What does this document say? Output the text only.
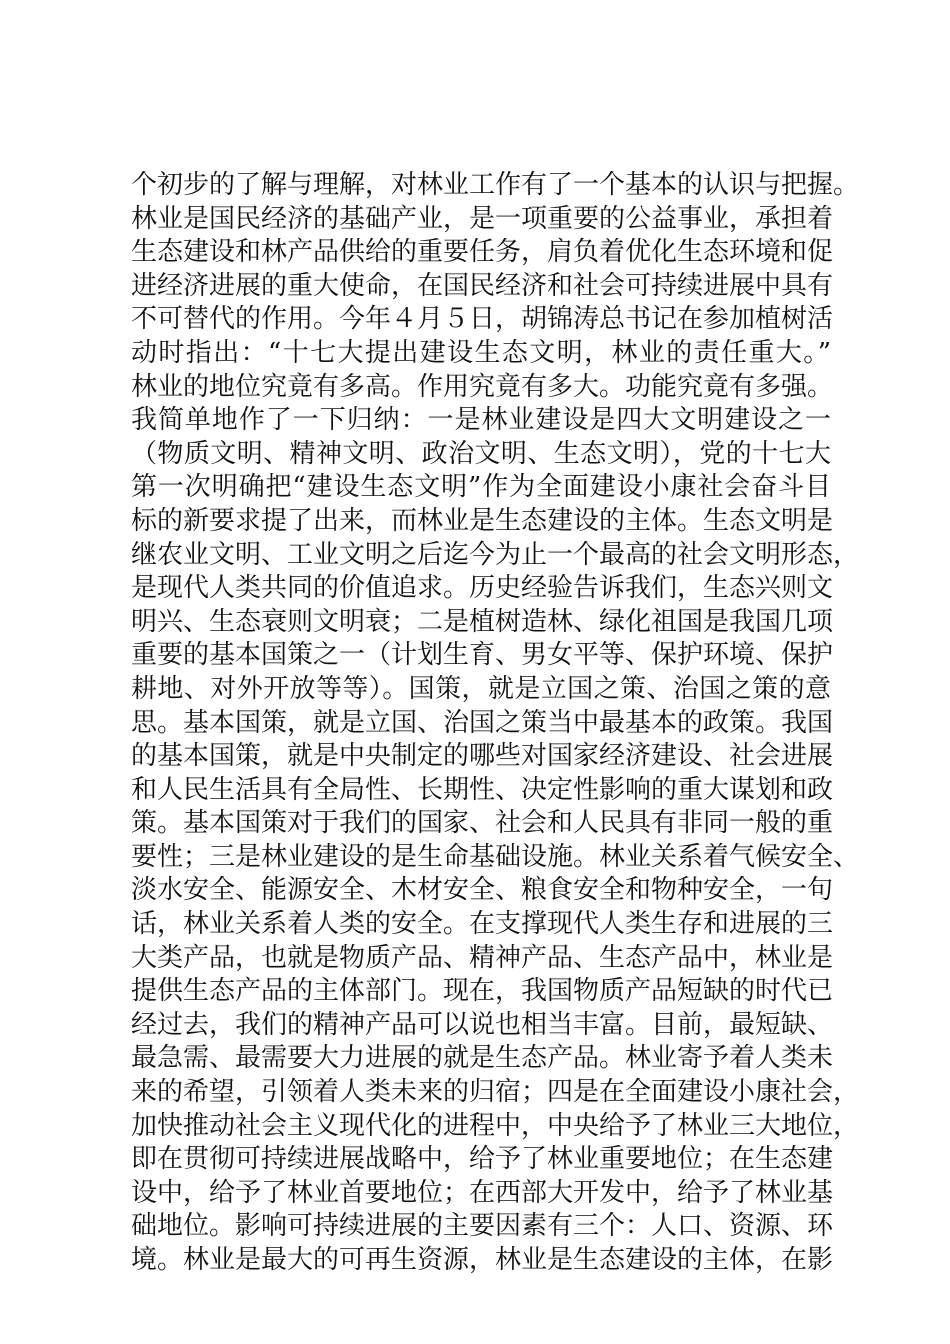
个初步的了解与理解，对林业工作有了一个基本的认识与把握。
林业是国民经济的基础产业，是一项重要的公益事业，承担着
生态建设和林产品供给的重要任务，肩负着优化生态环境和促
进经济进展的重大使命，在国民经济和社会可持续进展中具有
不可替代的作用。今年４月５日，胡锦涛总书记在参加植树活
动时指出：“十七大提出建设生态文明，林业的责任重大。”
林业的地位究竟有多高。作用究竟有多大。功能究竟有多强。
我简单地作了一下归纳：一是林业建设是四大文明建设之一
（物质文明、精神文明、政治文明、生态文明），党的十七大
第一次明确把“建设生态文明”作为全面建设小康社会奋斗目
标的新要求提了出来，而林业是生态建设的主体。生态文明是
继农业文明、工业文明之后迄今为止一个最高的社会文明形态，
是现代人类共同的价值追求。历史经验告诉我们，生态兴则文
明兴、生态衰则文明衰；二是植树造林、绿化祖国是我国几项
重要的基本国策之一（计划生育、男女平等、保护环境、保护
耕地、对外开放等等）。国策，就是立国之策、治国之策的意
思。基本国策，就是立国、治国之策当中最基本的政策。我国
的基本国策，就是中央制定的哪些对国家经济建设、社会进展
和人民生活具有全局性、长期性、决定性影响的重大谋划和政
策。基本国策对于我们的国家、社会和人民具有非同一般的重
要性；三是林业建设的是生命基础设施。林业关系着气候安全、
淡水安全、能源安全、木材安全、粮食安全和物种安全，一句
话，林业关系着人类的安全。在支撑现代人类生存和进展的三
大类产品，也就是物质产品、精神产品、生态产品中，林业是
提供生态产品的主体部门。现在，我国物质产品短缺的时代已
经过去，我们的精神产品可以说也相当丰富。目前，最短缺、
最急需、最需要大力进展的就是生态产品。林业寄予着人类未
来的希望，引领着人类未来的归宿；四是在全面建设小康社会，
加快推动社会主义现代化的进程中，中央给予了林业三大地位，
即在贯彻可持续进展战略中，给予了林业重要地位；在生态建
设中，给予了林业首要地位；在西部大开发中，给予了林业基
础地位。影响可持续进展的主要因素有三个：人口、资源、环
境。林业是最大的可再生资源，林业是生态建设的主体，在影
